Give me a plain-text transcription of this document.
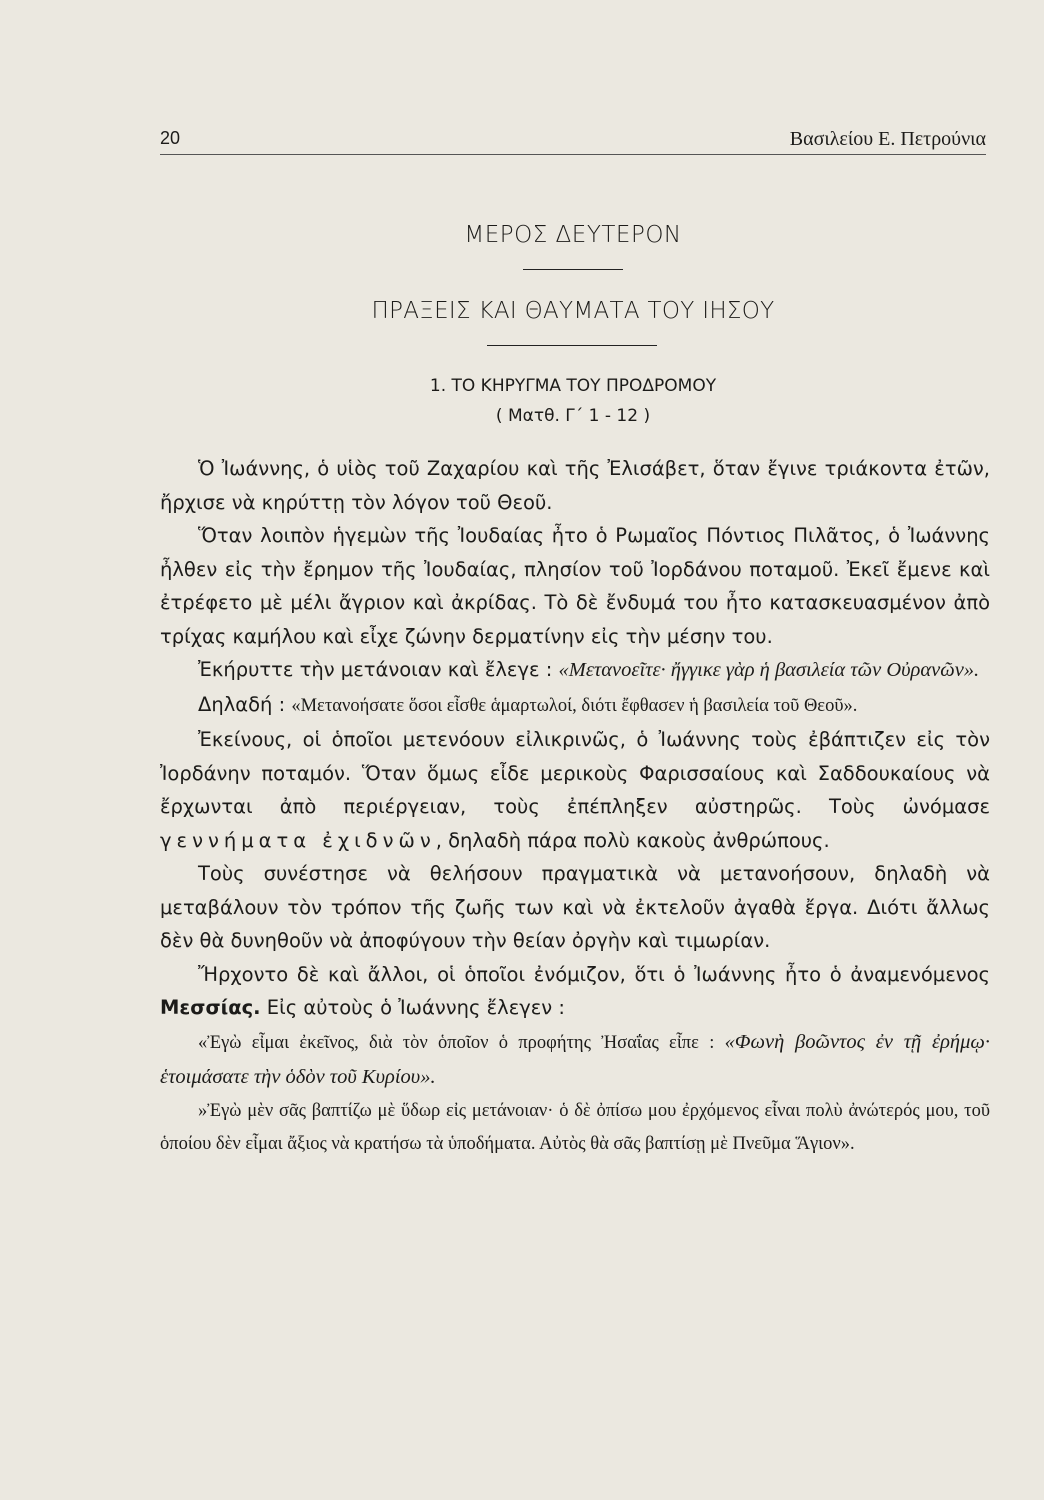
20	Βασιλείου Ε. Πετρούνια
ΜΕΡΟΣ ΔΕΥΤΕΡΟΝ
ΠΡΑΞΕΙΣ ΚΑΙ ΘΑΥΜΑΤΑ ΤΟΥ ΙΗΣΟΥ
1. ΤΟ ΚΗΡΥΓΜΑ ΤΟΥ ΠΡΟΔΡΟΜΟΥ
( Ματθ. Γ΄ 1 - 12 )

Ὁ Ἰωάννης, ὁ υἱὸς τοῦ Ζαχαρίου καὶ τῆς Ἐλισάβετ, ὅταν ἔγινε τριάκοντα ἐτῶν, ἤρχισε νὰ κηρύττῃ τὸν λόγον τοῦ Θεοῦ.

Ὅταν λοιπὸν ἡγεμὼν τῆς Ἰουδαίας ἦτο ὁ Ρωμαῖος Πόντιος Πιλᾶτος, ὁ Ἰωάννης ἦλθεν εἰς τὴν ἔρημον τῆς Ἰουδαίας, πλησίον τοῦ Ἰορδάνου ποταμοῦ. Ἐκεῖ ἔμενε καὶ ἐτρέφετο μὲ μέλι ἄγριον καὶ ἀκρίδας. Τὸ δὲ ἔνδυμά του ἦτο κατασκευασμένον ἀπὸ τρίχας καμήλου καὶ εἶχε ζώνην δερματίνην εἰς τὴν μέσην του.

Ἐκήρυττε τὴν μετάνοιαν καὶ ἔλεγε : «Μετανοεῖτε· ἤγγικε γὰρ ἡ βασιλεία τῶν Οὐρανῶν».

Δηλαδή : «Μετανοήσατε ὅσοι εἶσθε ἁμαρτωλοί, διότι ἔφθασεν ἡ βασιλεία τοῦ Θεοῦ».

Ἐκείνους, οἱ ὁποῖοι μετενόουν εἰλικρινῶς, ὁ Ἰωάννης τοὺς ἐβάπτιζεν εἰς τὸν Ἰορδάνην ποταμόν. Ὅταν ὅμως εἶδε μερικοὺς Φαρισσαίους καὶ Σαδδουκαίους νὰ ἔρχωνται ἀπὸ περιέργειαν, τοὺς ἐπέπληξεν αὐστηρῶς. Τοὺς ὠνόμασε γεννήματα ἐχιδνῶν, δηλαδὴ πάρα πολὺ κακοὺς ἀνθρώπους.

Τοὺς συνέστησε νὰ θελήσουν πραγματικὰ νὰ μετανοήσουν, δηλαδὴ νὰ μεταβάλουν τὸν τρόπον τῆς ζωῆς των καὶ νὰ ἐκτελοῦν ἀγαθὰ ἔργα. Διότι ἄλλως δὲν θὰ δυνηθοῦν νὰ ἀποφύγουν τὴν θείαν ὀργὴν καὶ τιμωρίαν.

Ἤρχοντο δὲ καὶ ἄλλοι, οἱ ὁποῖοι ἐνόμιζον, ὅτι ὁ Ἰωάννης ἦτο ὁ ἀναμενόμενος Μεσσίας. Εἰς αὐτοὺς ὁ Ἰωάννης ἔλεγεν :

«Ἐγὼ εἶμαι ἐκεῖνος, διὰ τὸν ὁποῖον ὁ προφήτης Ἠσαΐας εἶπε : «Φωνὴ βοῶντος ἐν τῇ ἐρήμῳ· ἑτοιμάσατε τὴν ὁδὸν τοῦ Κυρίου».

»Ἐγὼ μὲν σᾶς βαπτίζω μὲ ὕδωρ εἰς μετάνοιαν· ὁ δὲ ὀπίσω μου ἐρχόμενος εἶναι πολὺ ἀνώτερός μου, τοῦ ὁποίου δὲν εἶμαι ἄξιος νὰ κρατήσω τὰ ὑποδήματα. Αὐτὸς θὰ σᾶς βαπτίσῃ μὲ Πνεῦμα Ἅγιον».
